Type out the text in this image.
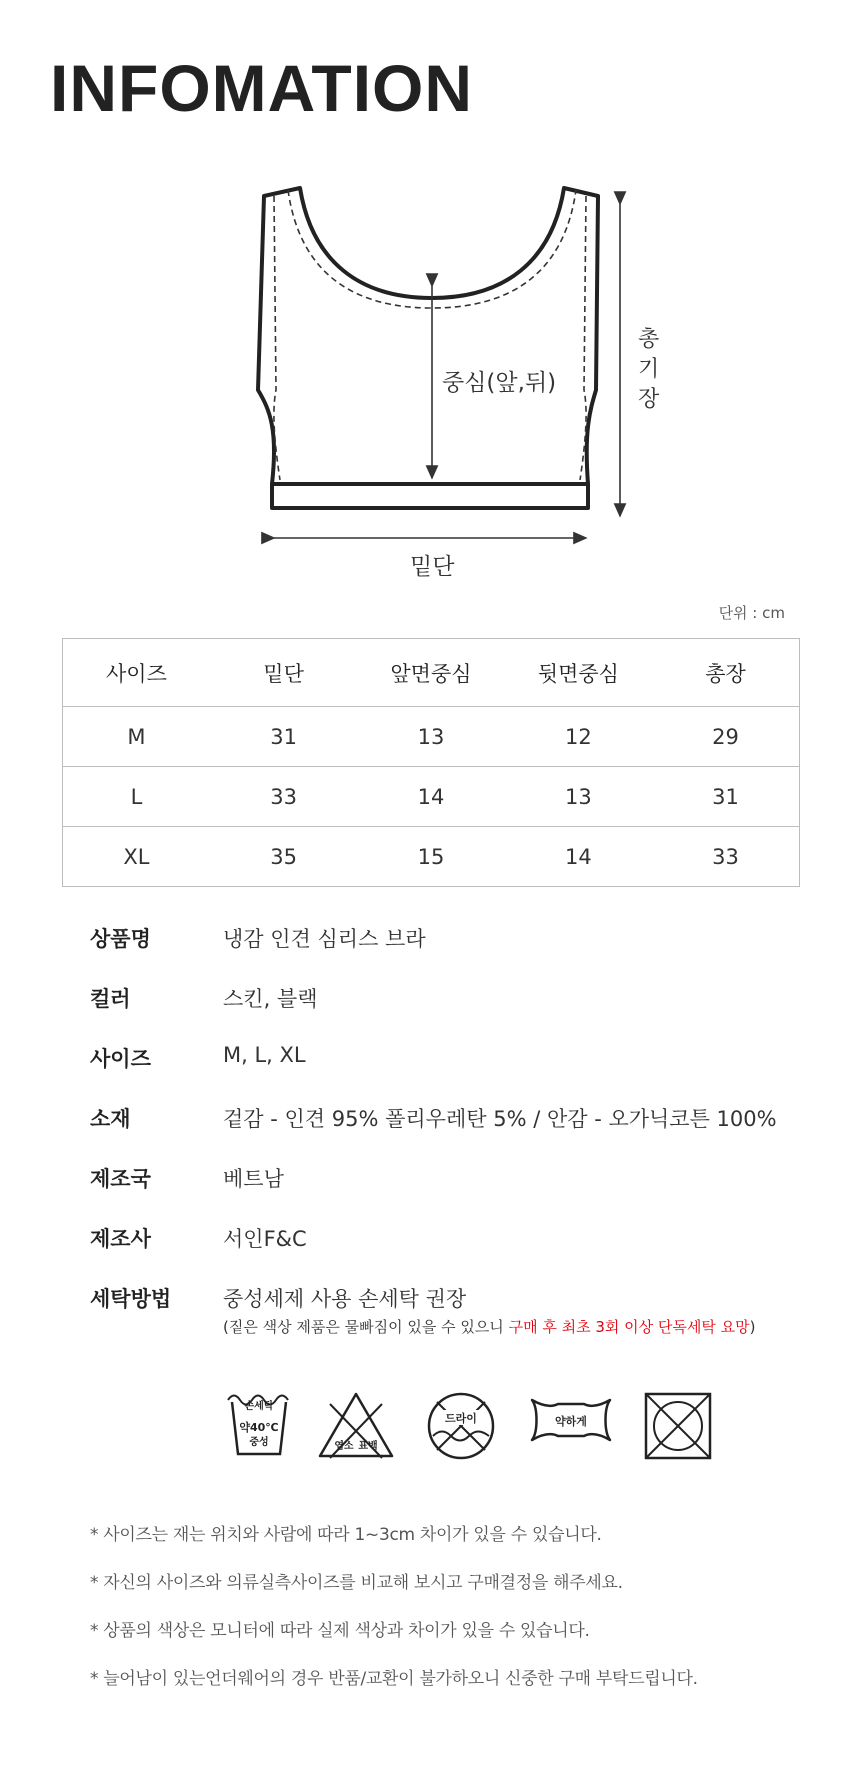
INFOMATION
중심(앞,뒤)
총
기
장
밑단
단위 : cm
사이즈	밑단	앞면중심	뒷면중심	총장
M	31	13	12	29
L	33	14	13	31
XL	35	15	14	33
상품명	냉감 인견 심리스 브라
컬러	스킨, 블랙
사이즈	M, L, XL
소재	겉감 - 인견 95% 폴리우레탄 5% / 안감 - 오가닉코튼 100%
제조국	베트남
제조사	서인F&C
세탁방법 중성세제 사용 손세탁 권장
(짙은 색상 제품은 물빠짐이 있을 수 있으니 구매 후 최초 3회 이상 단독세탁 요망)
손세탁
약40℃
중성	염소 표백
드라이	약하게
* 사이즈는 재는 위치와 사람에 따라 1~3cm 차이가 있을 수 있습니다.
* 자신의 사이즈와 의류실측사이즈를 비교해 보시고 구매결정을 해주세요.
* 상품의 색상은 모니터에 따라 실제 색상과 차이가 있을 수 있습니다.
* 늘어남이 있는언더웨어의 경우 반품/교환이 불가하오니 신중한 구매 부탁드립니다.
